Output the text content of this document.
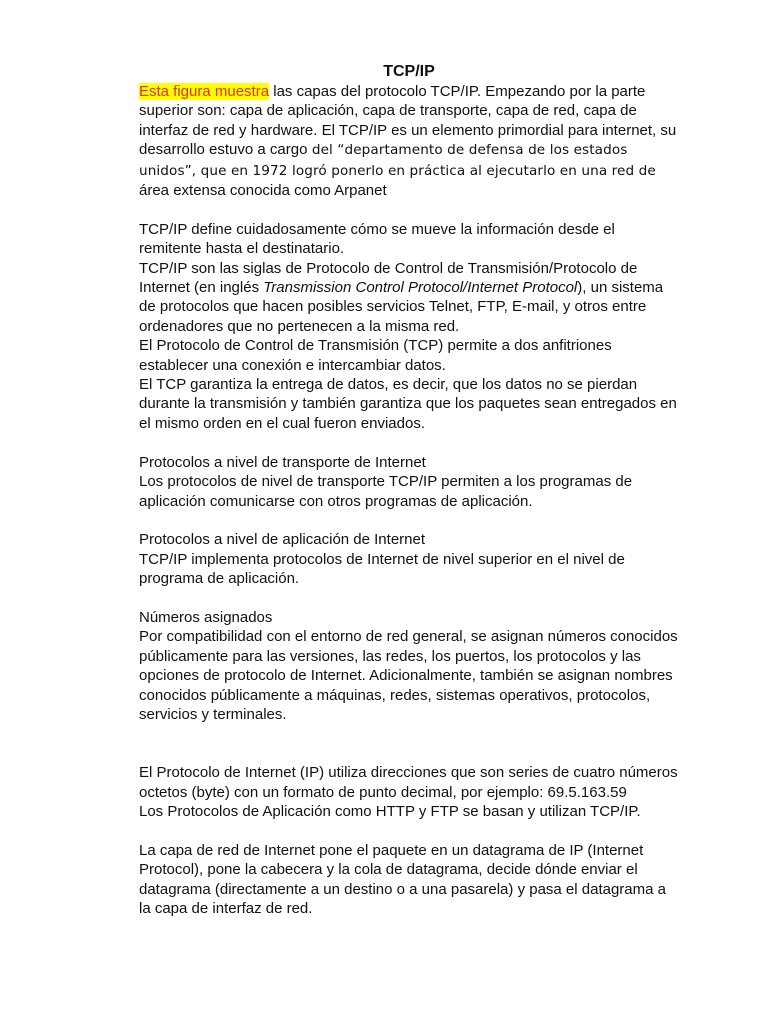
TCP/IP

Esta figura muestra las capas del protocolo TCP/IP. Empezando por la parte superior son: capa de aplicación, capa de transporte, capa de red, capa de interfaz de red y hardware. El TCP/IP es un elemento primordial para internet, su desarrollo estuvo a cargo del “departamento de defensa de los estados unidos”, que en 1972 logró ponerlo en práctica al ejecutarlo en una red de área extensa conocida como Arpanet

TCP/IP define cuidadosamente cómo se mueve la información desde el remitente hasta el destinatario.

TCP/IP son las siglas de Protocolo de Control de Transmisión/Protocolo de Internet (en inglés Transmission Control Protocol/Internet Protocol), un sistema de protocolos que hacen posibles servicios Telnet, FTP, E-mail, y otros entre ordenadores que no pertenecen a la misma red.

El Protocolo de Control de Transmisión (TCP) permite a dos anfitriones establecer una conexión e intercambiar datos.

El TCP garantiza la entrega de datos, es decir, que los datos no se pierdan durante la transmisión y también garantiza que los paquetes sean entregados en el mismo orden en el cual fueron enviados.

Protocolos a nivel de transporte de Internet

Los protocolos de nivel de transporte TCP/IP permiten a los programas de aplicación comunicarse con otros programas de aplicación.

Protocolos a nivel de aplicación de Internet

TCP/IP implementa protocolos de Internet de nivel superior en el nivel de programa de aplicación.

Números asignados

Por compatibilidad con el entorno de red general, se asignan números conocidos públicamente para las versiones, las redes, los puertos, los protocolos y las opciones de protocolo de Internet. Adicionalmente, también se asignan nombres conocidos públicamente a máquinas, redes, sistemas operativos, protocolos, servicios y terminales.

El Protocolo de Internet (IP) utiliza direcciones que son series de cuatro números octetos (byte) con un formato de punto decimal, por ejemplo: 69.5.163.59

Los Protocolos de Aplicación como HTTP y FTP se basan y utilizan TCP/IP.

La capa de red de Internet pone el paquete en un datagrama de IP (Internet Protocol), pone la cabecera y la cola de datagrama, decide dónde enviar el datagrama (directamente a un destino o a una pasarela) y pasa el datagrama a la capa de interfaz de red.
